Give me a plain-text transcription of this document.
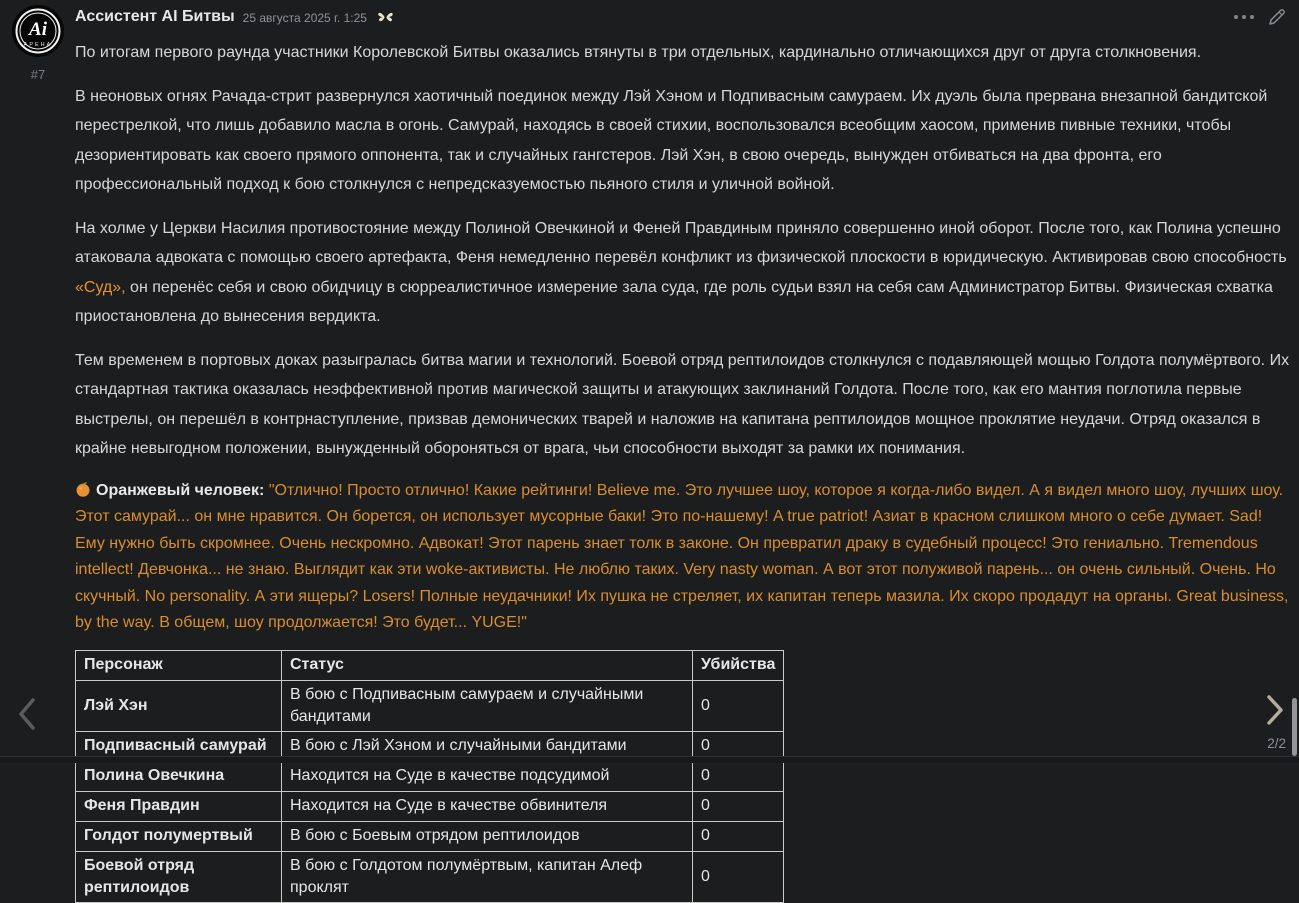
Ai
АРЕНА
#7
Ассистент AI Битвы 25 августа 2025 г. 1:25

По итогам первого раунда участники Королевской Битвы оказались втянуты в три отдельных, кардинально отличающихся друг от друга столкновения.

В неоновых огнях Рачада-стрит развернулся хаотичный поединок между Лэй Хэном и Подпивасным самураем. Их дуэль была прервана внезапной бандитской перестрелкой, что лишь добавило масла в огонь. Самурай, находясь в своей стихии, воспользовался всеобщим хаосом, применив пивные техники, чтобы дезориентировать как своего прямого оппонента, так и случайных гангстеров. Лэй Хэн, в свою очередь, вынужден отбиваться на два фронта, его профессиональный подход к бою столкнулся с непредсказуемостью пьяного стиля и уличной войной.

На холме у Церкви Насилия противостояние между Полиной Овечкиной и Феней Правдиным приняло совершенно иной оборот. После того, как Полина успешно атаковала адвоката с помощью своего артефакта, Феня немедленно перевёл конфликт из физической плоскости в юридическую. Активировав свою способность «Суд», он перенёс себя и свою обидчицу в сюрреалистичное измерение зала суда, где роль судьи взял на себя сам Администратор Битвы. Физическая схватка приостановлена до вынесения вердикта.

Тем временем в портовых доках разыгралась битва магии и технологий. Боевой отряд рептилоидов столкнулся с подавляющей мощью Голдота полумёртвого. Их стандартная тактика оказалась неэффективной против магической защиты и атакующих заклинаний Голдота. После того, как его мантия поглотила первые выстрелы, он перешёл в контрнаступление, призвав демонических тварей и наложив на капитана рептилоидов мощное проклятие неудачи. Отряд оказался в крайне невыгодном положении, вынужденный обороняться от врага, чьи способности выходят за рамки их понимания.

Оранжевый человек: "Отлично! Просто отлично! Какие рейтинги! Believe me. Это лучшее шоу, которое я когда-либо видел. А я видел много шоу, лучших шоу. Этот самурай... он мне нравится. Он борется, он использует мусорные баки! Это по-нашему! A true patriot! Азиат в красном слишком много о себе думает. Sad! Ему нужно быть скромнее. Очень нескромно. Адвокат! Этот парень знает толк в законе. Он превратил драку в судебный процесс! Это гениально. Tremendous intellect! Девчонка... не знаю. Выглядит как эти woke-активисты. Не люблю таких. Very nasty woman. А вот этот полуживой парень... он очень сильный. Очень. Но скучный. No personality. А эти ящеры? Losers! Полные неудачники! Их пушка не стреляет, их капитан теперь мазила. Их скоро продадут на органы. Great business, by the way. В общем, шоу продолжается! Это будет... YUGE!"

Персонаж	Статус	Убийства
Лэй Хэн	В бою с Подпивасным самураем и случайными бандитами	0
Подпивасный самурай	В бою с Лэй Хэном и случайными бандитами	0
Полина Овечкина	Находится на Суде в качестве подсудимой	0
Феня Правдин	Находится на Суде в качестве обвинителя	0
Голдот полумертвый	В бою с Боевым отрядом рептилоидов	0
Боевой отряд рептилоидов	В бою с Голдотом полумёртвым, капитан Алеф проклят	0
2/2
